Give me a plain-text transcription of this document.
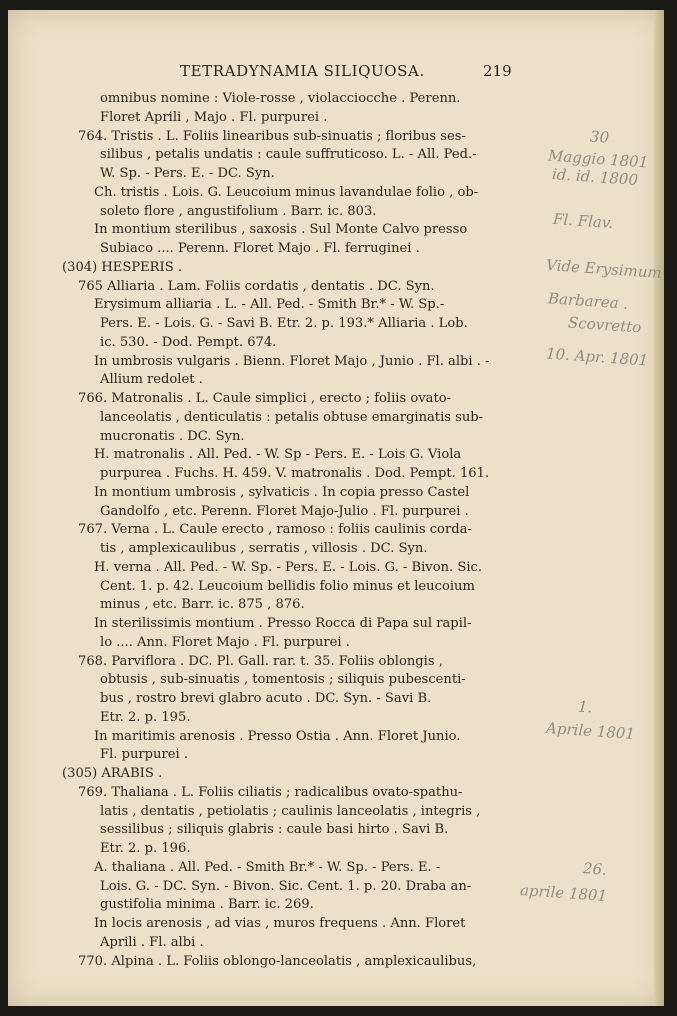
TETRADYNAMIA SILIQUOSA.	219
omnibus nomine : Viole-rosse , violacciocche . Perenn.
Floret Aprili , Majo . Fl. purpurei .
764. Tristis . L. Foliis linearibus sub-sinuatis ; floribus ses-
silibus , petalis undatis : caule suffruticoso. L. - All. Ped.-
W. Sp. - Pers. E. - DC. Syn.
Ch. tristis . Lois. G. Leucoium minus lavandulae folio , ob-
soleto flore , angustifolium . Barr. ic. 803.
In montium sterilibus , saxosis . Sul Monte Calvo presso
Subiaco .... Perenn. Floret Majo . Fl. ferruginei .
(304) HESPERIS .
765 Alliaria . Lam. Foliis cordatis , dentatis . DC. Syn.
Erysimum alliaria . L. - All. Ped. - Smith Br.* - W. Sp.-
Pers. E. - Lois. G. - Savi B. Etr. 2. p. 193.* Alliaria . Lob.
ic. 530. - Dod. Pempt. 674.
In umbrosis vulgaris . Bienn. Floret Majo , Junio . Fl. albi . -
Allium redolet .
766. Matronalis . L. Caule simplici , erecto ; foliis ovato-
lanceolatis , denticulatis : petalis obtuse emarginatis sub-
mucronatis . DC. Syn.
H. matronalis . All. Ped. - W. Sp - Pers. E. - Lois G. Viola
purpurea . Fuchs. H. 459. V. matronalis . Dod. Pempt. 161.
In montium umbrosis , sylvaticis . In copia presso Castel
Gandolfo , etc. Perenn. Floret Majo-Julio . Fl. purpurei .
767. Verna . L. Caule erecto , ramoso : foliis caulinis corda-
tis , amplexicaulibus , serratis , villosis . DC. Syn.
H. verna . All. Ped. - W. Sp. - Pers. E. - Lois. G. - Bivon. Sic.
Cent. 1. p. 42. Leucoium bellidis folio minus et leucoium
minus , etc. Barr. ic. 875 , 876.
In sterilissimis montium . Presso Rocca di Papa sul rapil-
lo .... Ann. Floret Majo . Fl. purpurei .
768. Parviflora . DC. Pl. Gall. rar. t. 35. Foliis oblongis ,
obtusis , sub-sinuatis , tomentosis ; siliquis pubescenti-
bus , rostro brevi glabro acuto . DC. Syn. - Savi B.
Etr. 2. p. 195.
In maritimis arenosis . Presso Ostia . Ann. Floret Junio.
Fl. purpurei .
(305) ARABIS .
769. Thaliana . L. Foliis ciliatis ; radicalibus ovato-spathu-
latis , dentatis , petiolatis ; caulinis lanceolatis , integris ,
sessilibus ; siliquis glabris : caule basi hirto . Savi B.
Etr. 2. p. 196.
A. thaliana . All. Ped. - Smith Br.* - W. Sp. - Pers. E. -
Lois. G. - DC. Syn. - Bivon. Sic. Cent. 1. p. 20. Draba an-
gustifolia minima . Barr. ic. 269.
In locis arenosis , ad vias , muros frequens . Ann. Floret
Aprili . Fl. albi .
770. Alpina . L. Foliis oblongo-lanceolatis , amplexicaulibus,
30
Maggio 1801
id. id. 1800
Fl. Flav.
Vide Erysimum
Barbarea .
Scovretto
10. Apr. 1801
1.
Aprile 1801
26.
aprile 1801
